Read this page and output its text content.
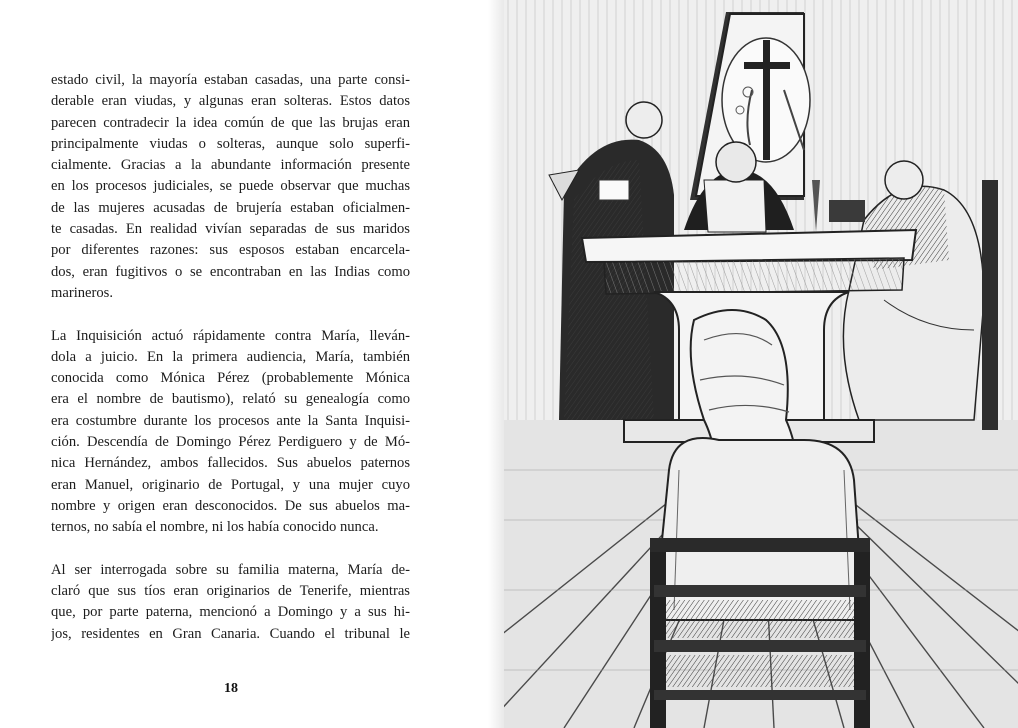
estado civil, la mayoría estaban casadas, una parte consi-
derable eran viudas, y algunas eran solteras. Estos datos
parecen contradecir la idea común de que las brujas eran
principalmente viudas o solteras, aunque solo superfi-
cialmente. Gracias a la abundante información presente
en los procesos judiciales, se puede observar que muchas
de las mujeres acusadas de brujería estaban oficialmen-
te casadas. En realidad vivían separadas de sus maridos
por diferentes razones: sus esposos estaban encarcela-
dos, eran fugitivos o se encontraban en las Indias como
marineros.

La Inquisición actuó rápidamente contra María, lleván-
dola a juicio. En la primera audiencia, María, también
conocida como Mónica Pérez (probablemente Mónica
era el nombre de bautismo), relató su genealogía como
era costumbre durante los procesos ante la Santa Inquisi-
ción. Descendía de Domingo Pérez Perdiguero y de Mó-
nica Hernández, ambos fallecidos. Sus abuelos paternos
eran Manuel, originario de Portugal, y una mujer cuyo
nombre y origen eran desconocidos. De sus abuelos ma-
ternos, no sabía el nombre, ni los había conocido nunca.

Al ser interrogada sobre su familia materna, María de-
claró que sus tíos eran originarios de Tenerife, mientras
que, por parte paterna, mencionó a Domingo y a sus hi-
jos, residentes en Gran Canaria. Cuando el tribunal le

18
